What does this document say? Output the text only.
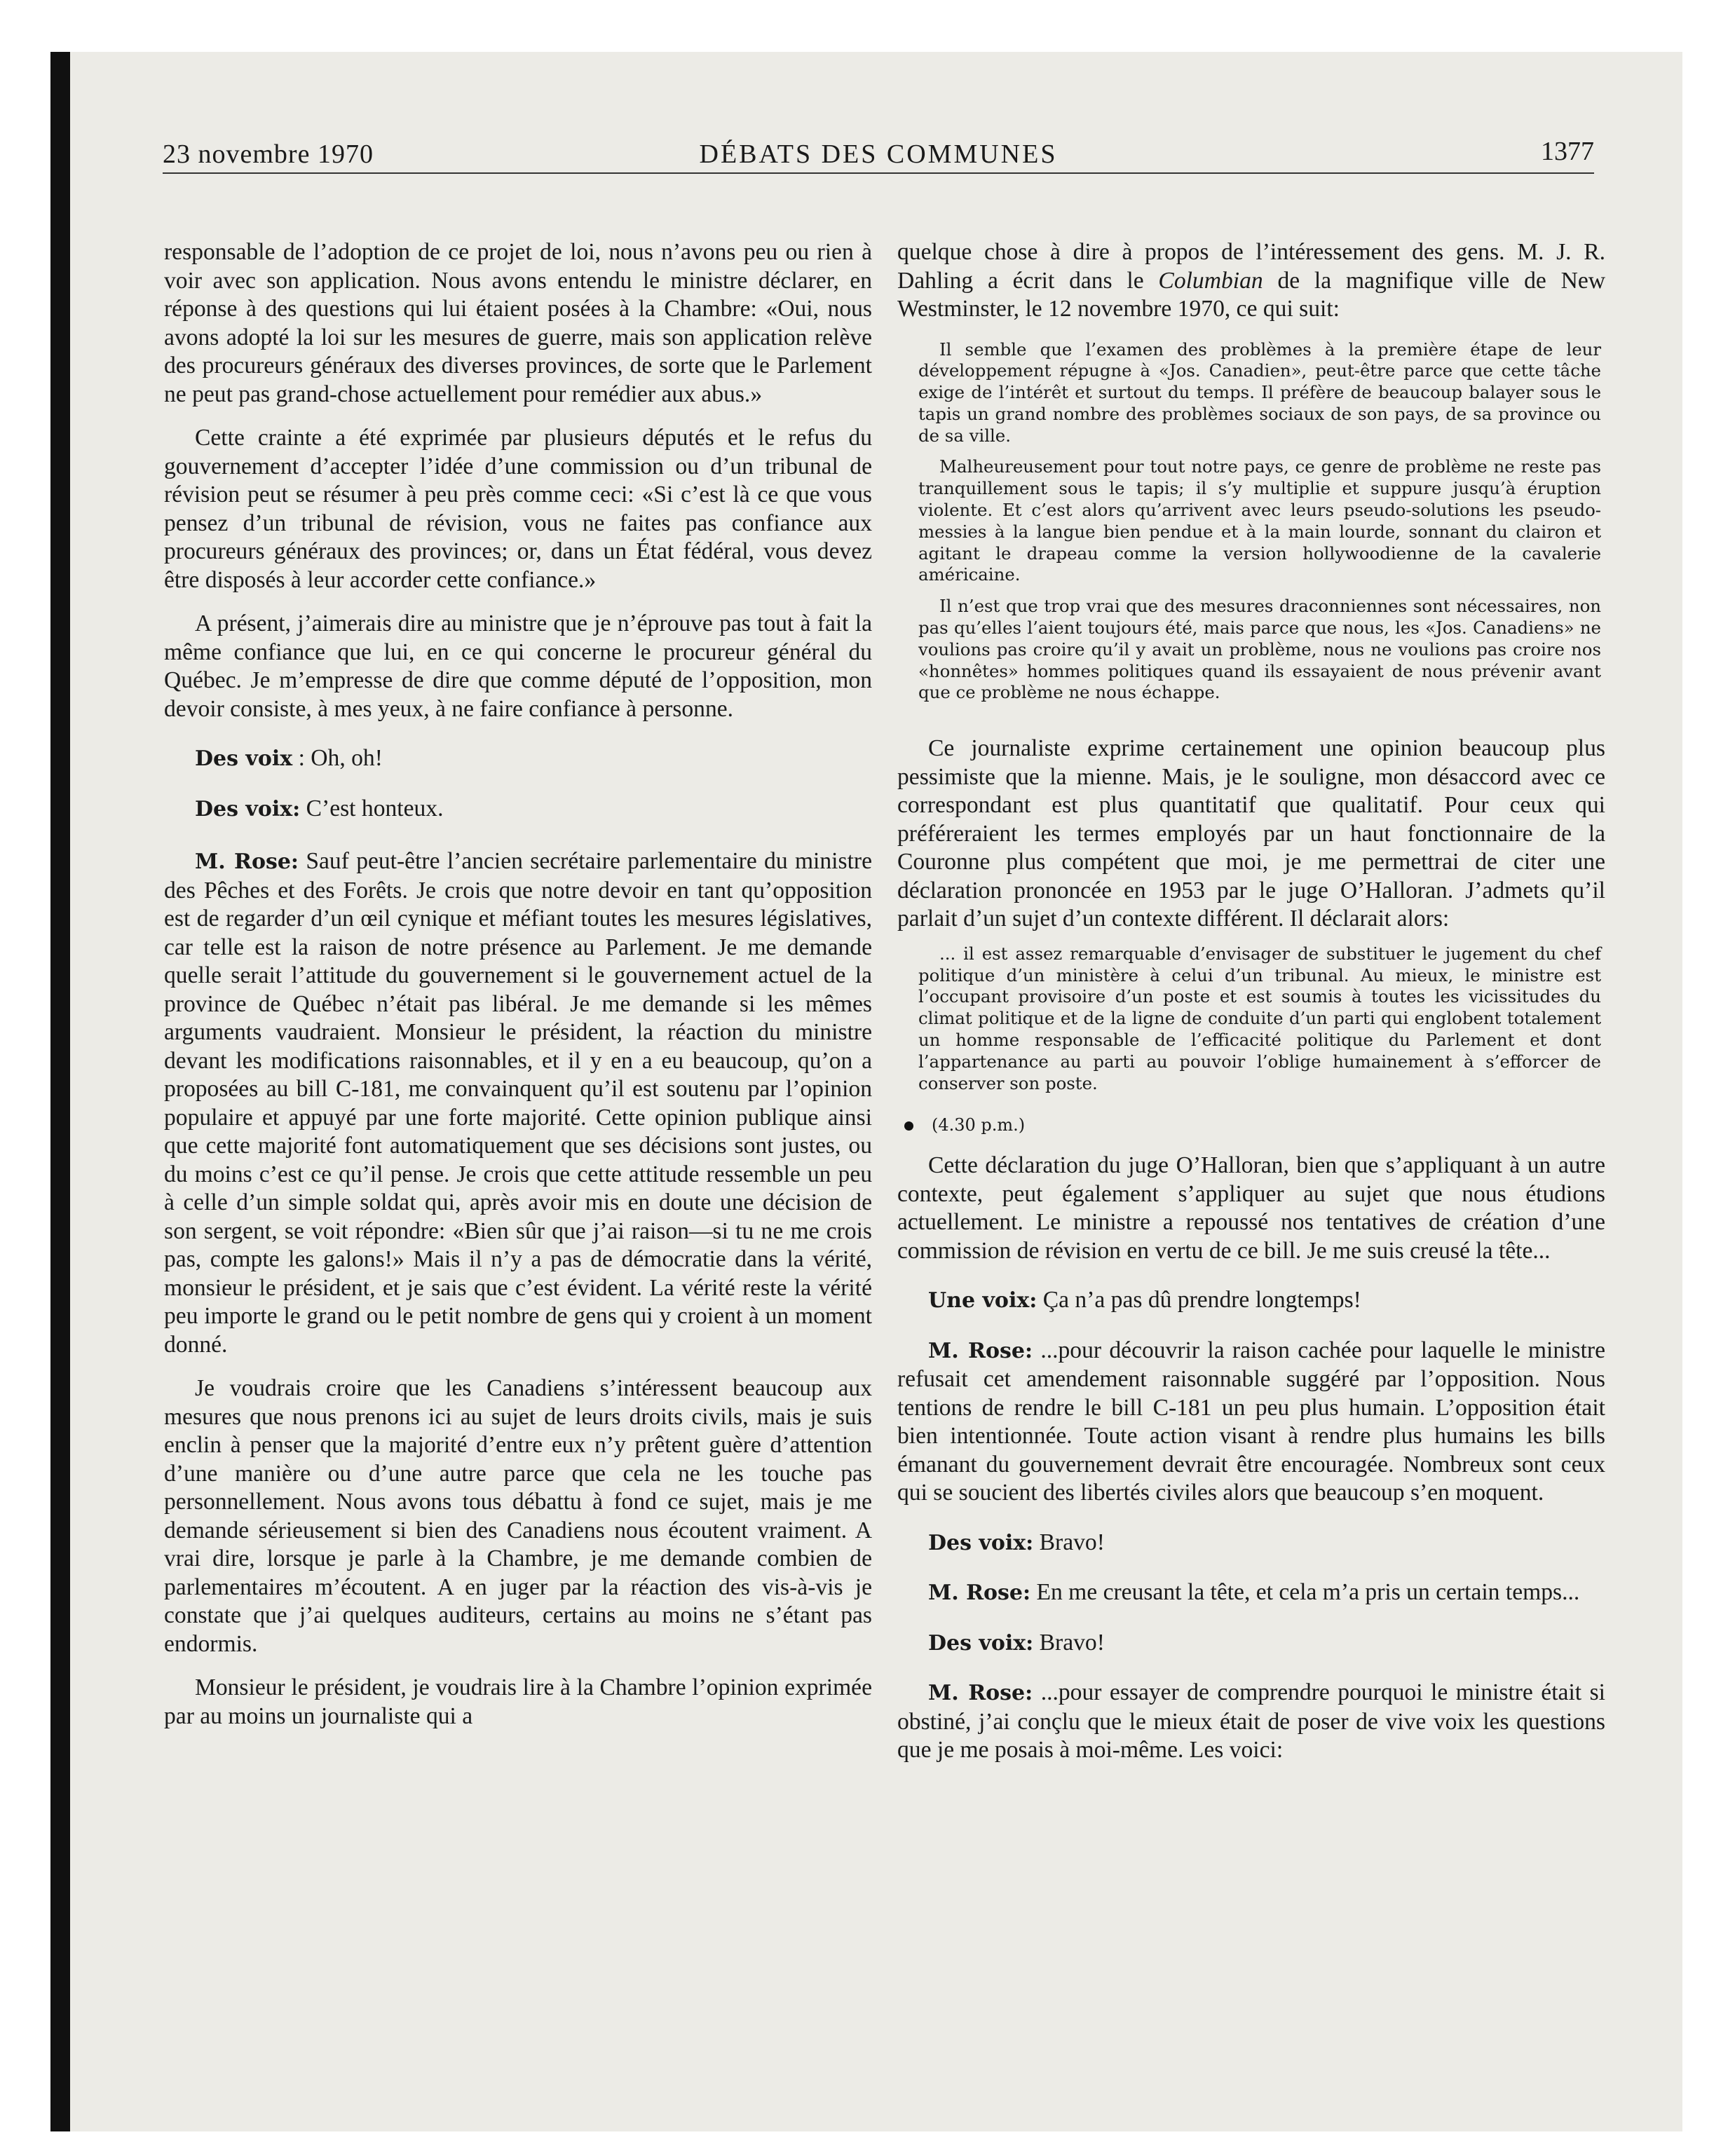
23 novembre 1970	DÉBATS DES COMMUNES	1377

responsable de l’adoption de ce projet de loi, nous n’avons peu ou rien à voir avec son application. Nous avons entendu le ministre déclarer, en réponse à des questions qui lui étaient posées à la Chambre: «Oui, nous avons adopté la loi sur les mesures de guerre, mais son application relève des procureurs généraux des diverses provinces, de sorte que le Parlement ne peut pas grand-chose actuellement pour remédier aux abus.»

Cette crainte a été exprimée par plusieurs députés et le refus du gouvernement d’accepter l’idée d’une commission ou d’un tribunal de révision peut se résumer à peu près comme ceci: «Si c’est là ce que vous pensez d’un tribunal de révision, vous ne faites pas confiance aux procureurs généraux des provinces; or, dans un État fédéral, vous devez être disposés à leur accorder cette confiance.»

A présent, j’aimerais dire au ministre que je n’éprouve pas tout à fait la même confiance que lui, en ce qui concerne le procureur général du Québec. Je m’empresse de dire que comme député de l’opposition, mon devoir consiste, à mes yeux, à ne faire confiance à personne.

Des voix : Oh, oh!

Des voix: C’est honteux.

M. Rose: Sauf peut-être l’ancien secrétaire parlementaire du ministre des Pêches et des Forêts. Je crois que notre devoir en tant qu’opposition est de regarder d’un œil cynique et méfiant toutes les mesures législatives, car telle est la raison de notre présence au Parlement. Je me demande quelle serait l’attitude du gouvernement si le gouvernement actuel de la province de Québec n’était pas libéral. Je me demande si les mêmes arguments vaudraient. Monsieur le président, la réaction du ministre devant les modifications raisonnables, et il y en a eu beaucoup, qu’on a proposées au bill C-181, me convainquent qu’il est soutenu par l’opinion populaire et appuyé par une forte majorité. Cette opinion publique ainsi que cette majorité font automatiquement que ses décisions sont justes, ou du moins c’est ce qu’il pense. Je crois que cette attitude ressemble un peu à celle d’un simple soldat qui, après avoir mis en doute une décision de son sergent, se voit répondre: «Bien sûr que j’ai raison—si tu ne me crois pas, compte les galons!» Mais il n’y a pas de démocratie dans la vérité, monsieur le président, et je sais que c’est évident. La vérité reste la vérité peu importe le grand ou le petit nombre de gens qui y croient à un moment donné.

Je voudrais croire que les Canadiens s’intéressent beaucoup aux mesures que nous prenons ici au sujet de leurs droits civils, mais je suis enclin à penser que la majorité d’entre eux n’y prêtent guère d’attention d’une manière ou d’une autre parce que cela ne les touche pas personnellement. Nous avons tous débattu à fond ce sujet, mais je me demande sérieusement si bien des Canadiens nous écoutent vraiment. A vrai dire, lorsque je parle à la Chambre, je me demande combien de parlementaires m’écoutent. A en juger par la réaction des vis-à-vis je constate que j’ai quelques auditeurs, certains au moins ne s’étant pas endormis.

Monsieur le président, je voudrais lire à la Chambre l’opinion exprimée par au moins un journaliste qui a

quelque chose à dire à propos de l’intéressement des gens. M. J. R. Dahling a écrit dans le Columbian de la magnifique ville de New Westminster, le 12 novembre 1970, ce qui suit:

Il semble que l’examen des problèmes à la première étape de leur développement répugne à «Jos. Canadien», peut-être parce que cette tâche exige de l’intérêt et surtout du temps. Il préfère de beaucoup balayer sous le tapis un grand nombre des problèmes sociaux de son pays, de sa province ou de sa ville.

Malheureusement pour tout notre pays, ce genre de problème ne reste pas tranquillement sous le tapis; il s’y multiplie et suppure jusqu’à éruption violente. Et c’est alors qu’arrivent avec leurs pseudo-solutions les pseudo-messies à la langue bien pendue et à la main lourde, sonnant du clairon et agitant le drapeau comme la version hollywoodienne de la cavalerie américaine.

Il n’est que trop vrai que des mesures draconniennes sont nécessaires, non pas qu’elles l’aient toujours été, mais parce que nous, les «Jos. Canadiens» ne voulions pas croire qu’il y avait un problème, nous ne voulions pas croire nos «honnêtes» hommes politiques quand ils essayaient de nous prévenir avant que ce problème ne nous échappe.

Ce journaliste exprime certainement une opinion beaucoup plus pessimiste que la mienne. Mais, je le souligne, mon désaccord avec ce correspondant est plus quantitatif que qualitatif. Pour ceux qui préféreraient les termes employés par un haut fonctionnaire de la Couronne plus compétent que moi, je me permettrai de citer une déclaration prononcée en 1953 par le juge O’Halloran. J’admets qu’il parlait d’un sujet d’un contexte différent. Il déclarait alors:

... il est assez remarquable d’envisager de substituer le jugement du chef politique d’un ministère à celui d’un tribunal. Au mieux, le ministre est l’occupant provisoire d’un poste et est soumis à toutes les vicissitudes du climat politique et de la ligne de conduite d’un parti qui englobent totalement un homme responsable de l’efficacité politique du Parlement et dont l’appartenance au parti au pouvoir l’oblige humainement à s’efforcer de conserver son poste.

(4.30 p.m.)

Cette déclaration du juge O’Halloran, bien que s’appliquant à un autre contexte, peut également s’appliquer au sujet que nous étudions actuellement. Le ministre a repoussé nos tentatives de création d’une commission de révision en vertu de ce bill. Je me suis creusé la tête...

Une voix: Ça n’a pas dû prendre longtemps!

M. Rose: ...pour découvrir la raison cachée pour laquelle le ministre refusait cet amendement raisonnable suggéré par l’opposition. Nous tentions de rendre le bill C-181 un peu plus humain. L’opposition était bien intentionnée. Toute action visant à rendre plus humains les bills émanant du gouvernement devrait être encouragée. Nombreux sont ceux qui se soucient des libertés civiles alors que beaucoup s’en moquent.

Des voix: Bravo!

M. Rose: En me creusant la tête, et cela m’a pris un certain temps...

Des voix: Bravo!

M. Rose: ...pour essayer de comprendre pourquoi le ministre était si obstiné, j’ai conçlu que le mieux était de poser de vive voix les questions que je me posais à moi-même. Les voici:
